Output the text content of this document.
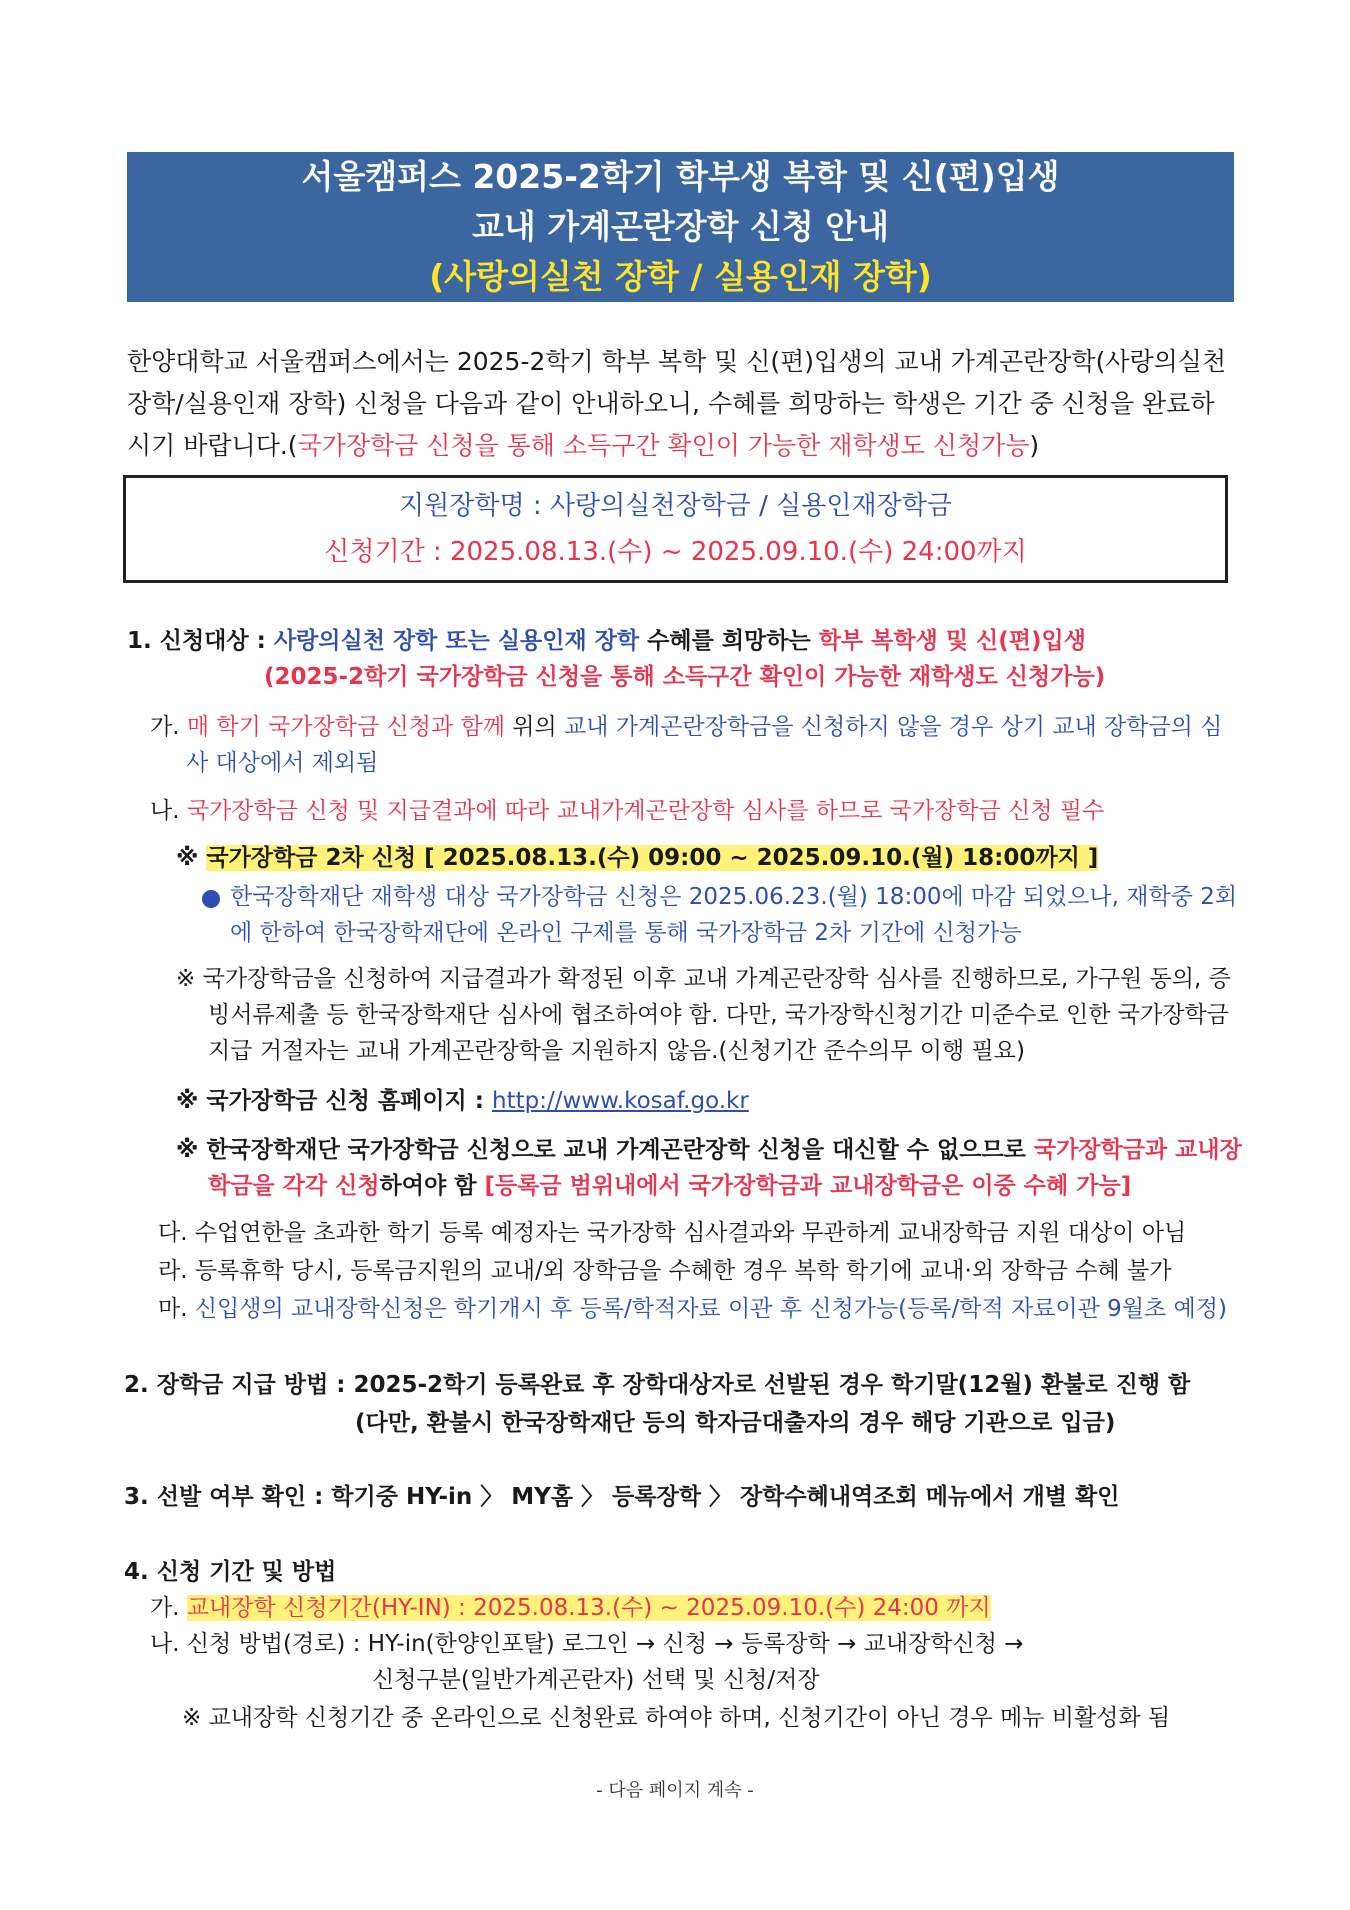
서울캠퍼스 2025-2학기 학부생 복학 및 신(편)입생
교내 가계곤란장학 신청 안내
(사랑의실천 장학 / 실용인재 장학)
한양대학교 서울캠퍼스에서는 2025-2학기 학부 복학 및 신(편)입생의 교내 가계곤란장학(사랑의실천
장학/실용인재 장학) 신청을 다음과 같이 안내하오니, 수혜를 희망하는 학생은 기간 중 신청을 완료하
시기 바랍니다.(국가장학금 신청을 통해 소득구간 확인이 가능한 재학생도 신청가능)
지원장학명 : 사랑의실천장학금 / 실용인재장학금
신청기간 : 2025.08.13.(수) ~ 2025.09.10.(수) 24:00까지
1. 신청대상 : 사랑의실천 장학 또는 실용인재 장학 수혜를 희망하는 학부 복학생 및 신(편)입생
(2025-2학기 국가장학금 신청을 통해 소득구간 확인이 가능한 재학생도 신청가능)
가. 매 학기 국가장학금 신청과 함께 위의 교내 가계곤란장학금을 신청하지 않을 경우 상기 교내 장학금의 심
사 대상에서 제외됨
나. 국가장학금 신청 및 지급결과에 따라 교내가계곤란장학 심사를 하므로 국가장학금 신청 필수
※ 국가장학금 2차 신청 [ 2025.08.13.(수) 09:00 ~ 2025.09.10.(월) 18:00까지 ]
한국장학재단 재학생 대상 국가장학금 신청은 2025.06.23.(월) 18:00에 마감 되었으나, 재학중 2회
에 한하여 한국장학재단에 온라인 구제를 통해 국가장학금 2차 기간에 신청가능
※ 국가장학금을 신청하여 지급결과가 확정된 이후 교내 가계곤란장학 심사를 진행하므로, 가구원 동의, 증
빙서류제출 등 한국장학재단 심사에 협조하여야 함. 다만, 국가장학신청기간 미준수로 인한 국가장학금
지급 거절자는 교내 가계곤란장학을 지원하지 않음.(신청기간 준수의무 이행 필요)
※ 국가장학금 신청 홈페이지 : http://www.kosaf.go.kr
※ 한국장학재단 국가장학금 신청으로 교내 가계곤란장학 신청을 대신할 수 없으므로 국가장학금과 교내장
학금을 각각 신청하여야 함 [등록금 범위내에서 국가장학금과 교내장학금은 이중 수혜 가능]
다. 수업연한을 초과한 학기 등록 예정자는 국가장학 심사결과와 무관하게 교내장학금 지원 대상이 아님
라. 등록휴학 당시, 등록금지원의 교내/외 장학금을 수혜한 경우 복학 학기에 교내·외 장학금 수혜 불가
마. 신입생의 교내장학신청은 학기개시 후 등록/학적자료 이관 후 신청가능(등록/학적 자료이관 9월초 예정)
2. 장학금 지급 방법 : 2025-2학기 등록완료 후 장학대상자로 선발된 경우 학기말(12월) 환불로 진행 함
(다만, 환불시 한국장학재단 등의 학자금대출자의 경우 해당 기관으로 입금)
3. 선발 여부 확인 : 학기중 HY-in 〉 MY홈 〉 등록장학 〉 장학수혜내역조회 메뉴에서 개별 확인
4. 신청 기간 및 방법
가. 교내장학 신청기간(HY-IN) : 2025.08.13.(수) ~ 2025.09.10.(수) 24:00 까지
나. 신청 방법(경로) : HY-in(한양인포탈) 로그인 → 신청 → 등록장학 → 교내장학신청 →
신청구분(일반가계곤란자) 선택 및 신청/저장
※ 교내장학 신청기간 중 온라인으로 신청완료 하여야 하며, 신청기간이 아닌 경우 메뉴 비활성화 됨
- 다음 페이지 계속 -
